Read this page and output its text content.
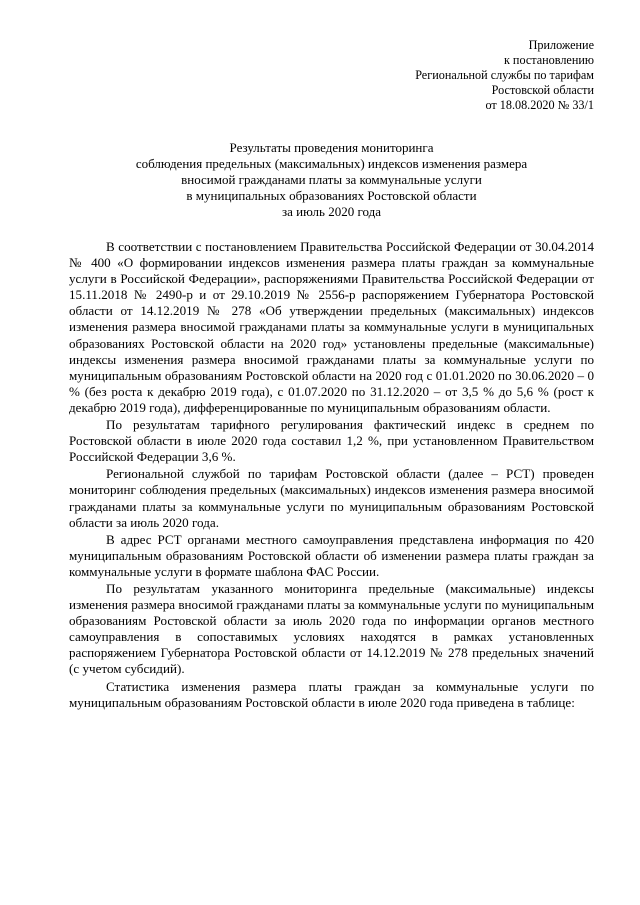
Приложение
к постановлению
Региональной службы по тарифам
Ростовской области
от 18.08.2020 № 33/1
Результаты проведения мониторинга
соблюдения предельных (максимальных) индексов изменения размера
вносимой гражданами платы за коммунальные услуги
в муниципальных образованиях Ростовской области
за июль 2020 года

В соответствии с постановлением Правительства Российской Федерации от 30.04.2014 № 400 «О формировании индексов изменения размера платы граждан за коммунальные услуги в Российской Федерации», распоряжениями Правительства Российской Федерации от 15.11.2018 № 2490-р и от 29.10.2019 № 2556-р распоряжением Губернатора Ростовской области от 14.12.2019 № 278 «Об утверждении предельных (максимальных) индексов изменения размера вносимой гражданами платы за коммунальные услуги в муниципальных образованиях Ростовской области на 2020 год» установлены предельные (максимальные) индексы изменения размера вносимой гражданами платы за коммунальные услуги по муниципальным образованиям Ростовской области на 2020 год с 01.01.2020 по 30.06.2020 – 0 % (без роста к декабрю 2019 года), с 01.07.2020 по 31.12.2020 – от 3,5 % до 5,6 % (рост к декабрю 2019 года), дифференцированные по муниципальным образованиям области.

По результатам тарифного регулирования фактический индекс в среднем по Ростовской области в июле 2020 года составил 1,2 %, при установленном Правительством Российской Федерации 3,6 %.

Региональной службой по тарифам Ростовской области (далее – РСТ) проведен мониторинг соблюдения предельных (максимальных) индексов изменения размера вносимой гражданами платы за коммунальные услуги по муниципальным образованиям Ростовской области за июль 2020 года.

В адрес РСТ органами местного самоуправления представлена информация по 420 муниципальным образованиям Ростовской области об изменении размера платы граждан за коммунальные услуги в формате шаблона ФАС России.

По результатам указанного мониторинга предельные (максимальные) индексы изменения размера вносимой гражданами платы за коммунальные услуги по муниципальным образованиям Ростовской области за июль 2020 года по информации органов местного самоуправления в сопоставимых условиях находятся в рамках установленных распоряжением Губернатора Ростовской области от 14.12.2019 № 278 предельных значений (с учетом субсидий).

Статистика изменения размера платы граждан за коммунальные услуги по муниципальным образованиям Ростовской области в июле 2020 года приведена в таблице:
